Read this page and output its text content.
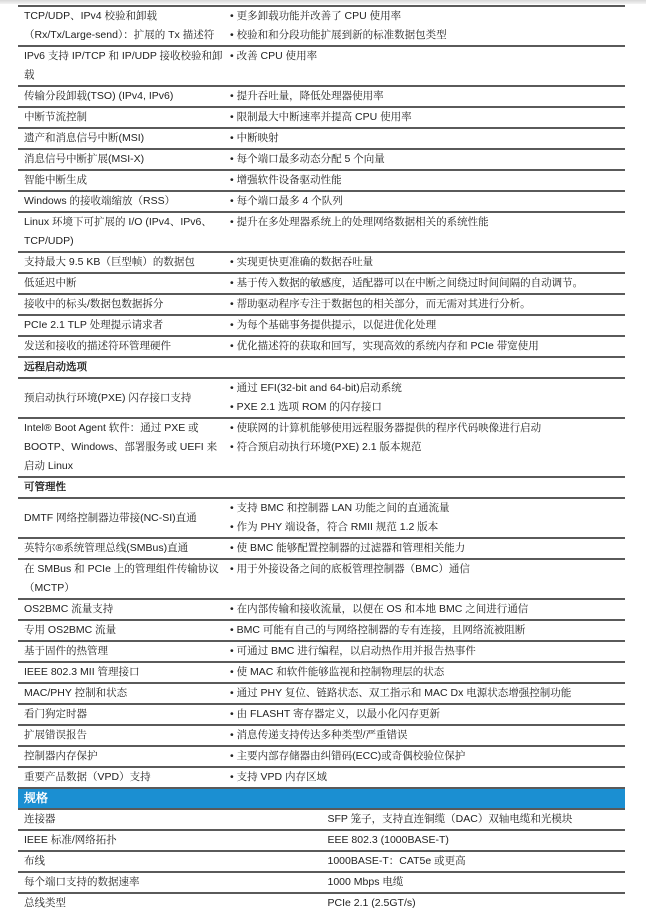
TCP/UDP、IPv4 校验和卸载（Rx/Tx/Large-send）：扩展的 Tx 描述符	• 更多卸载功能并改善了 CPU 使用率
• 校验和和分段功能扩展到新的标准数据包类型

IPv6 支持 IP/TCP 和 IP/UDP 接收校验和卸载	• 改善 CPU 使用率

传输分段卸载(TSO) (IPv4, IPv6)	• 提升吞吐量，降低处理器使用率

中断节流控制	• 限制最大中断速率并提高 CPU 使用率

遗产和消息信号中断(MSI)	• 中断映射

消息信号中断扩展(MSI-X)	• 每个端口最多动态分配 5 个向量

智能中断生成	• 增强软件设备驱动性能

Windows 的接收端缩放（RSS）	• 每个端口最多 4 个队列

Linux 环境下可扩展的 I/O (IPv4、IPv6、TCP/UDP)	• 提升在多处理器系统上的处理网络数据相关的系统性能

支持最大 9.5 KB（巨型帧）的数据包	• 实现更快更准确的数据吞吐量

低延迟中断	• 基于传入数据的敏感度，适配器可以在中断之间绕过时间间隔的自动调节。

接收中的标头/数据包数据拆分	• 帮助驱动程序专注于数据包的相关部分，而无需对其进行分析。

PCIe 2.1 TLP 处理提示请求者	• 为每个基础事务提供提示，以促进优化处理

发送和接收的描述符环管理硬件	• 优化描述符的获取和回写，实现高效的系统内存和 PCIe 带宽使用

远程启动选项	
预启动执行环境(PXE) 闪存接口支持	• 通过 EFI(32-bit and 64-bit)启动系统
• PXE 2.1 选项 ROM 的闪存接口

Intel® Boot Agent 软件：通过 PXE 或 BOOTP、Windows、部署服务或 UEFI 来启动 Linux	• 使联网的计算机能够使用远程服务器提供的程序代码映像进行启动
• 符合预启动执行环境(PXE) 2.1 版本规范

可管理性	
DMTF 网络控制器边带接(NC-SI)直通	• 支持 BMC 和控制器 LAN 功能之间的直通流量
• 作为 PHY 端设备，符合 RMII 规范 1.2 版本

英特尔®系统管理总线(SMBus)直通	• 使 BMC 能够配置控制器的过滤器和管理相关能力

在 SMBus 和 PCIe 上的管理组件传输协议（MCTP）	• 用于外接设备之间的底板管理控制器（BMC）通信

OS2BMC 流量支持	• 在内部传输和接收流量，以便在 OS 和本地 BMC 之间进行通信

专用 OS2BMC 流量	• BMC 可能有自己的与网络控制器的专有连接，且网络流被阻断

基于固件的热管理	• 可通过 BMC 进行编程，以启动热作用并报告热事件

IEEE 802.3 MII 管理接口	• 使 MAC 和软件能够监视和控制物理层的状态

MAC/PHY 控制和状态	• 通过 PHY 复位、链路状态、双工指示和 MAC Dx 电源状态增强控制功能

看门狗定时器	• 由 FLASHT 寄存器定义，以最小化闪存更新

扩展错误报告	• 消息传递支持传达多种类型/严重错误

控制器内存保护	• 主要内部存储器由纠错码(ECC)或奇偶校验位保护

重要产品数据（VPD）支持	• 支持 VPD 内存区域
规格	
连接器	SFP 笼子，支持直连铜缆（DAC）双轴电缆和光模块
IEEE 标准/网络拓扑	EEE 802.3 (1000BASE-T)
布线	1000BASE-T：CAT5e 或更高
每个端口支持的数据速率	1000 Mbps 电缆
总线类型	PCIe 2.1 (2.5GT/s)
